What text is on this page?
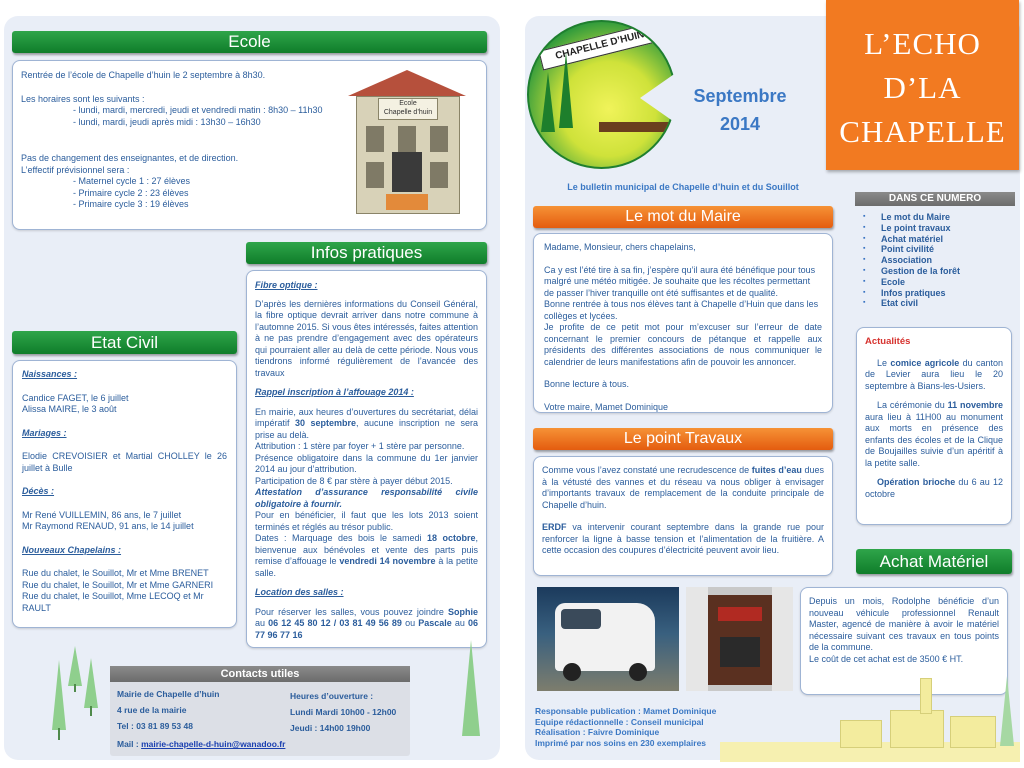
Ecole

Rentrée de l’école de Chapelle d’huin le 2 septembre à 8h30.

Les horaires sont les suivants :

- lundi, mardi, mercredi, jeudi et vendredi matin : 8h30 – 11h30

- lundi, mardi, jeudi après midi : 13h30 – 16h30

Pas de changement des enseignantes, et de direction.

L’effectif prévisionnel sera :

- Maternel cycle 1 : 27 élèves

- Primaire cycle 2 : 23 élèves

- Primaire cycle 3 : 19 élèves

Ecole
Chapelle d’huin
Etat Civil

Naissances :

Candice FAGET, le 6 juillet

Alissa MAIRE, le 3 août

Mariages :

Elodie CREVOISIER et Martial CHOLLEY le 26 juillet à Bulle

Décès :

Mr René VUILLEMIN, 86 ans, le 7 juillet

Mr Raymond RENAUD, 91 ans, le 14 juillet

Nouveaux Chapelains :

Rue du chalet, le Souillot, Mr et Mme BRENET

Rue du chalet, le Souillot, Mr et Mme GARNERI

Rue du chalet, le Souillot, Mme LECOQ et Mr RAULT

Infos pratiques

Fibre optique :

D’après les dernières informations du Conseil Général, la fibre optique devrait arriver dans notre commune à l’automne 2015. Si vous êtes intéressés, faites attention à ne pas prendre d’engagement avec des opérateurs qui pourraient aller au delà de cette période. Nous vous tiendrons informé régulièrement de l’avancée des travaux

Rappel inscription à l’affouage 2014 :

En mairie, aux heures d’ouvertures du secrétariat, délai impératif 30 septembre, aucune inscription ne sera prise au delà.

Attribution : 1 stère par foyer + 1 stère par personne.

Présence obligatoire dans la commune du 1er janvier 2014 au jour d’attribution.

Participation de 8 € par stère à payer début 2015.

Attestation d’assurance responsabilité civile obligatoire à fournir.

Pour en bénéficier, il faut que les lots 2013 soient terminés et réglés au trésor public.

Dates : Marquage des bois le samedi 18 octobre, bienvenue aux bénévoles et vente des parts puis remise d’affouage le vendredi 14 novembre à la petite salle.

Location des salles :

Pour réserver les salles, vous pouvez joindre Sophie au 06 12 45 80 12 / 03 81 49 56 89 ou Pascale au 06 77 96 77 16

Contacts utiles
Mairie de Chapelle d’huin
4 rue de la mairie
Tel : 03 81 89 53 48
Mail : mairie-chapelle-d-huin@wanadoo.fr
Heures d’ouverture :
Lundi Mardi 10h00 - 12h00
Jeudi : 14h00 19h00
CHAPELLE D’HUIN
Septembre
2014
L’ECHO
D’LA
CHAPELLE
Le bulletin municipal de Chapelle d’huin et du Souillot
DANS CE NUMERO
▪ Le mot du Maire
▪ Le point travaux
▪ Achat matériel
▪ Point civilité
▪ Association
▪ Gestion de la forêt
▪ Ecole
▪ Infos pratiques
▪ Etat civil
Le mot du Maire

Madame, Monsieur, chers chapelains,

Ca y est l’été tire à sa fin, j’espère qu’il aura été bénéfique pour tous malgré une météo mitigée. Je souhaite que les récoltes permettant de passer l’hiver tranquille ont été suffisantes et de qualité.

Bonne rentrée à tous nos élèves tant à Chapelle d’Huin que dans les collèges et lycées.

Je profite de ce petit mot pour m’excuser sur l’erreur de date concernant le premier concours de pétanque et rappelle aux présidents des différentes associations de nous communiquer le calendrier de leurs manifestations afin de pouvoir les annoncer.

Bonne lecture à tous.

Votre maire, Mamet Dominique

Le point Travaux

Comme vous l’avez constaté une recrudescence de fuites d’eau dues à la vétusté des vannes et du réseau va nous obliger à envisager d’importants travaux de remplacement de la conduite principale de Chapelle d’huin.

ERDF va intervenir courant septembre dans la grande rue pour renforcer la ligne à basse tension et l’alimentation de la fruitière. A cette occasion des coupures d’électricité peuvent avoir lieu.

Actualités

Le comice agricole du canton de Levier aura lieu le 20 septembre à Bians-les-Usiers.

La cérémonie du 11 novembre aura lieu à 11H00 au monument aux morts en présence des enfants des écoles et de la Clique de Boujailles suivie d’un apéritif à la petite salle.

Opération brioche du 6 au 12 octobre

Achat Matériel

Depuis un mois, Rodolphe bénéficie d’un nouveau véhicule professionnel Renault Master, agencé de manière à avoir le matériel nécessaire suivant ces travaux en tous points de la commune.

Le coût de cet achat est de 3500 € HT.

Responsable publication : Mamet Dominique
Equipe rédactionnelle : Conseil municipal
Réalisation : Faivre Dominique
Imprimé par nos soins en 230 exemplaires
